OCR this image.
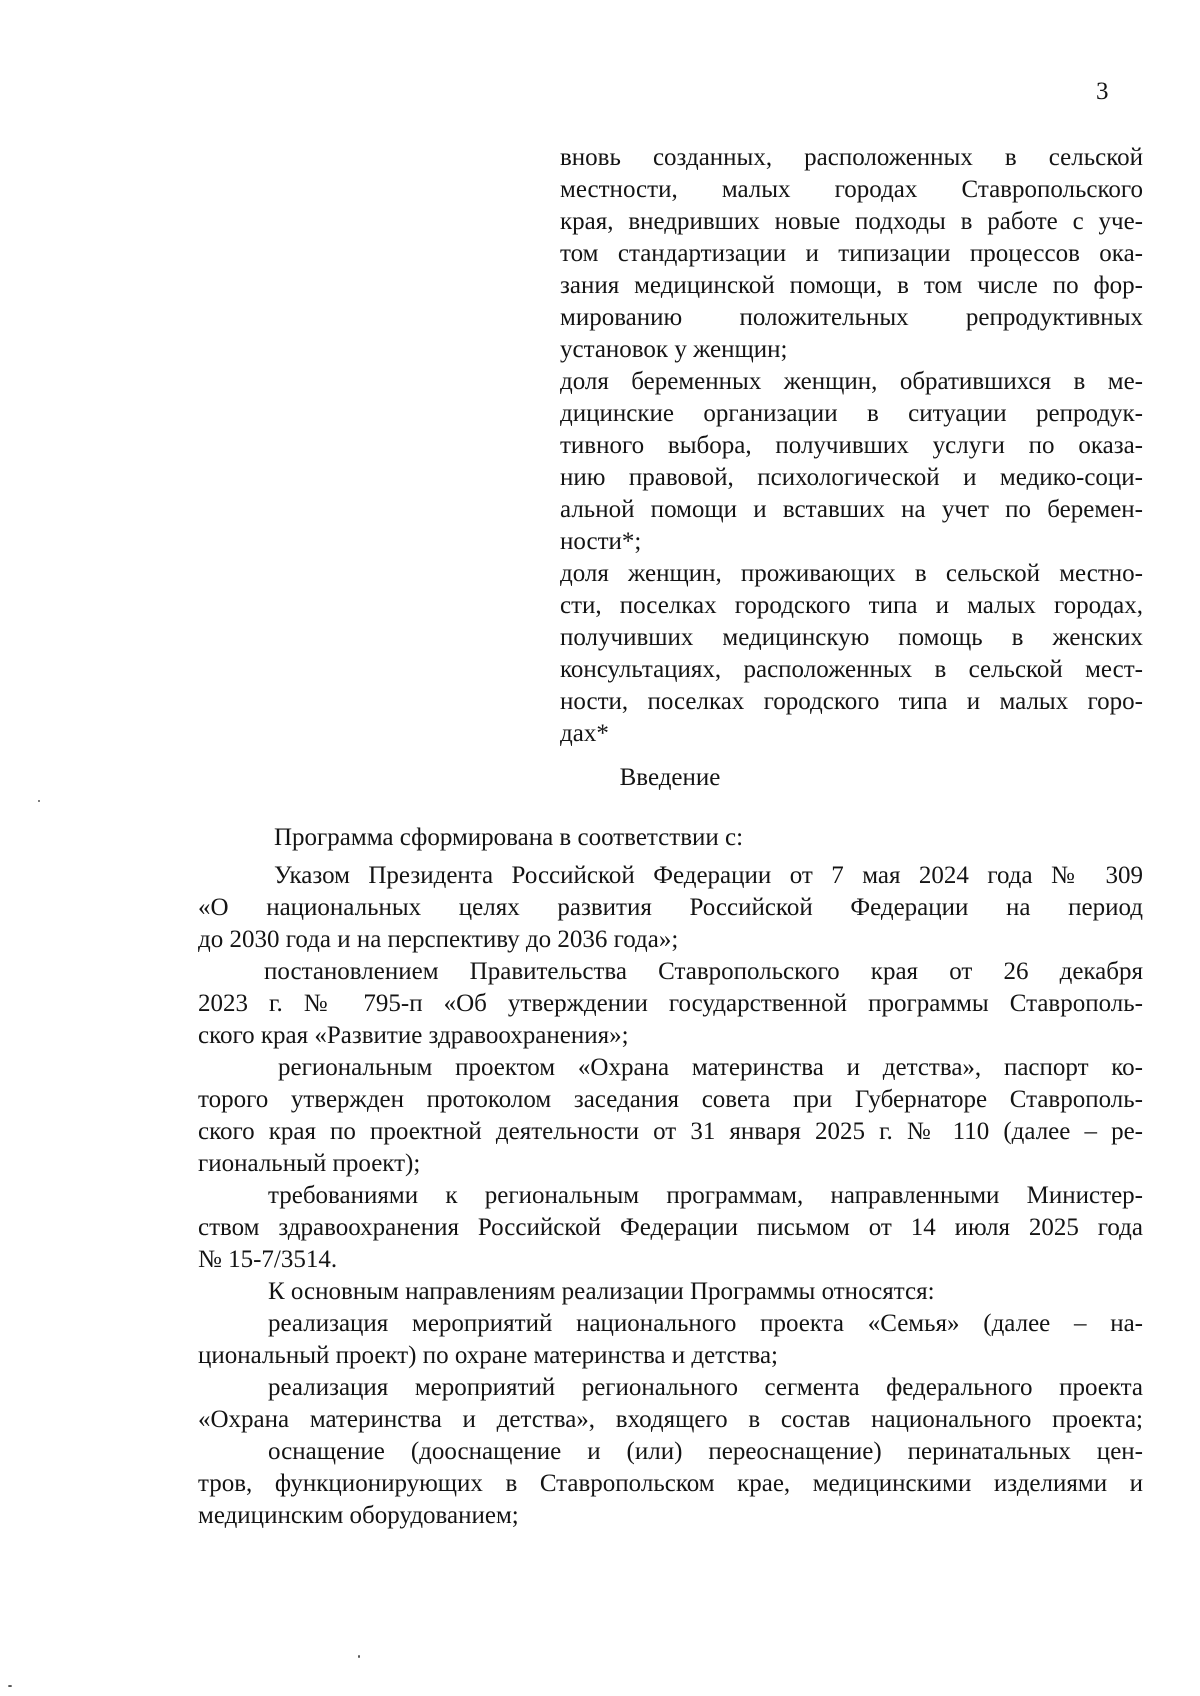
3
вновь созданных, расположенных в сельской
местности, малых городах Ставропольского
края, внедривших новые подходы в работе с уче-
том стандартизации и типизации процессов ока-
зания медицинской помощи, в том числе по фор-
мированию положительных репродуктивных
установок у женщин;
доля беременных женщин, обратившихся в ме-
дицинские организации в ситуации репродук-
тивного выбора, получивших услуги по оказа-
нию правовой, психологической и медико-соци-
альной помощи и вставших на учет по беремен-
ности*;
доля женщин, проживающих в сельской местно-
сти, поселках городского типа и малых городах,
получивших медицинскую помощь в женских
консультациях, расположенных в сельской мест-
ности, поселках городского типа и малых горо-
дах*
Введение
Программа сформирована в соответствии с:
Указом Президента Российской Федерации от 7 мая 2024 года № 309
«О национальных целях развития Российской Федерации на период
до 2030 года и на перспективу до 2036 года»;
постановлением Правительства Ставропольского края от 26 декабря
2023 г. № 795-п «Об утверждении государственной программы Ставрополь-
ского края «Развитие здравоохранения»;
региональным проектом «Охрана материнства и детства», паспорт ко-
торого утвержден протоколом заседания совета при Губернаторе Ставрополь-
ского края по проектной деятельности от 31 января 2025 г. № 110 (далее – ре-
гиональный проект);
требованиями к региональным программам, направленными Министер-
ством здравоохранения Российской Федерации письмом от 14 июля 2025 года
№ 15-7/3514.
К основным направлениям реализации Программы относятся:
реализация мероприятий национального проекта «Семья» (далее – на-
циональный проект) по охране материнства и детства;
реализация мероприятий регионального сегмента федерального проекта
«Охрана материнства и детства», входящего в состав национального проекта;
оснащение (дооснащение и (или) переоснащение) перинатальных цен-
тров, функционирующих в Ставропольском крае, медицинскими изделиями и
медицинским оборудованием;
